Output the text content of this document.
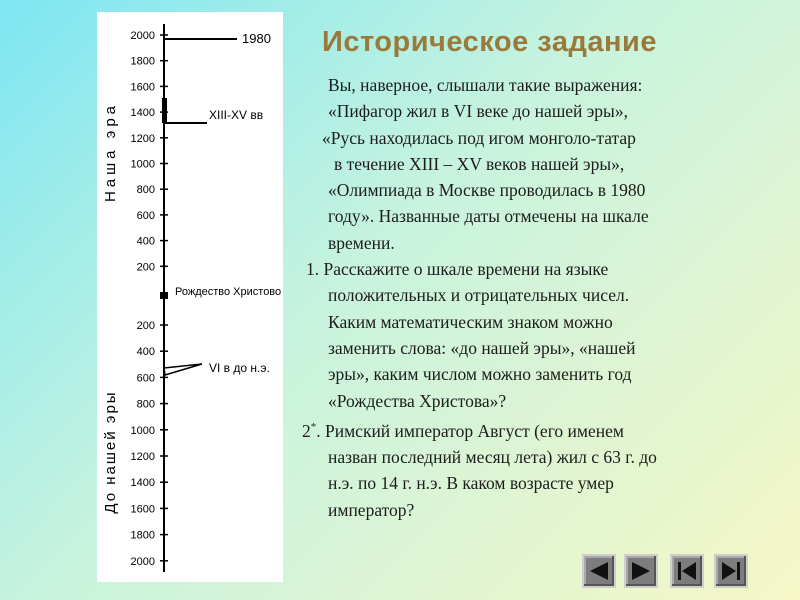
2000
1800
1600
1400
1200
1000
800
600
400
200
200
400
600
800
1000
1200
1400
1600
1800
2000
1980
XIII-XV вв
Рождество Христово
VI в до н.э.
Наша эра
До нашей эры
Историческое задание
Вы, наверное, слышали такие выражения:
«Пифагор жил в VI веке до нашей эры»,
«Русь находилась под игом монголо-татар
в течение XIII – XV веков нашей эры»,
«Олимпиада в Москве проводилась в 1980
году». Названные даты отмечены на шкале
времени.
1. Расскажите о шкале времени на языке
положительных и отрицательных чисел.
Каким математическим знаком можно
заменить слова: «до нашей эры», «нашей
эры», каким числом можно заменить год
«Рождества Христова»?
2*. Римский император Август (его именем
назван последний месяц лета) жил с 63 г. до
н.э. по 14 г. н.э. В каком возрасте умер
император?
